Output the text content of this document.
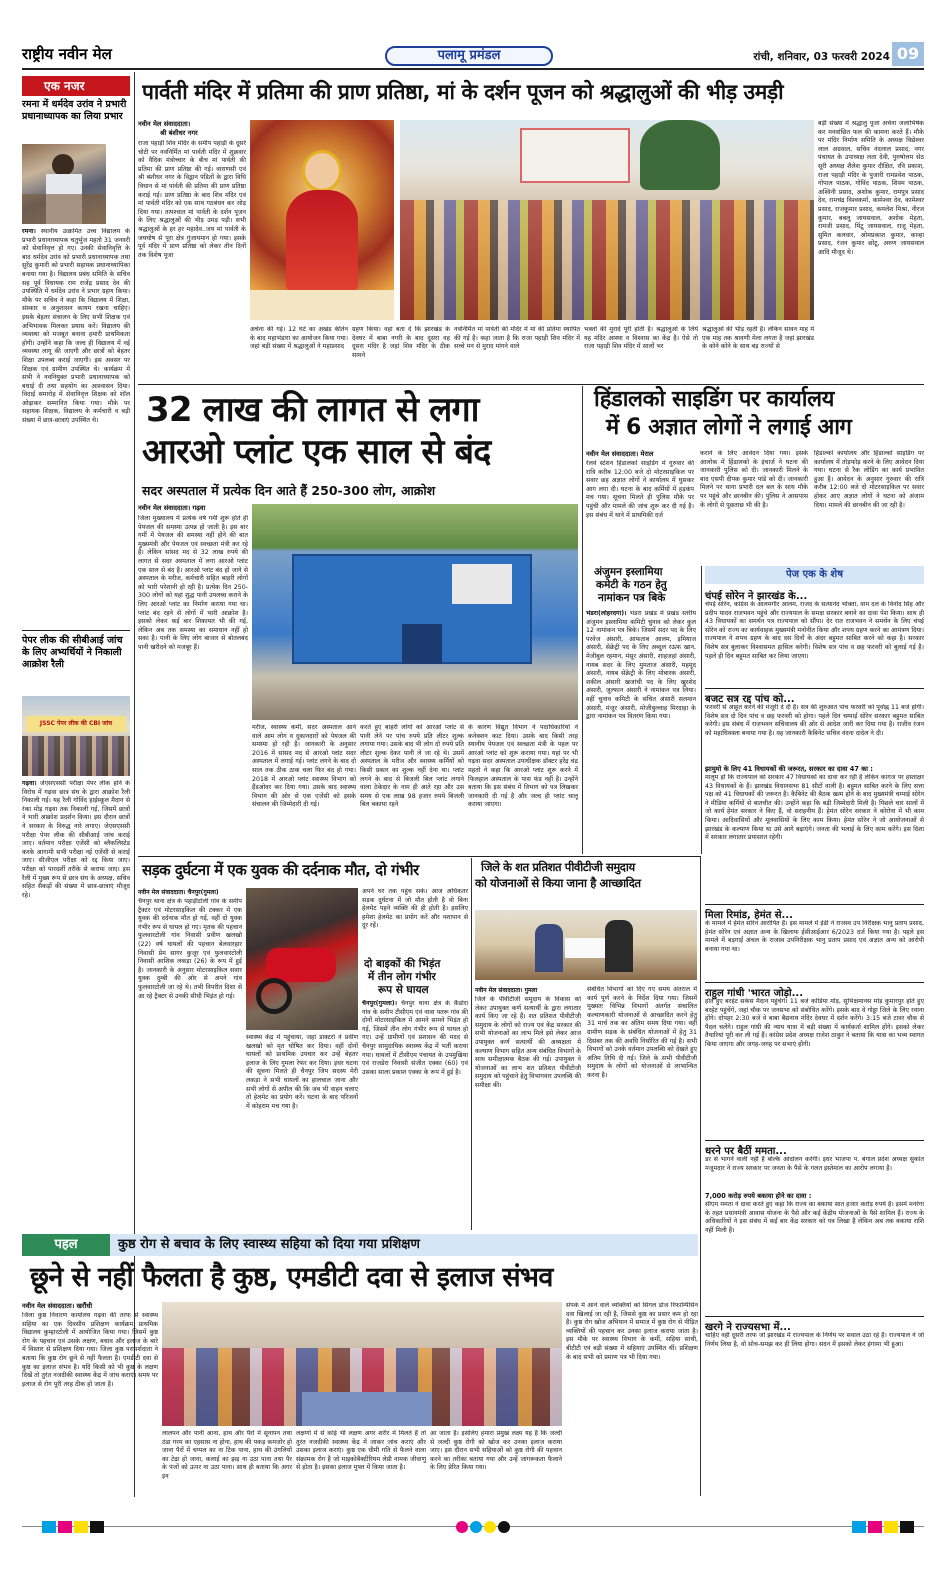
राष्ट्रीय नवीन मेल	पलामू प्रमंडल	रांची, शनिवार, 03 फरवरी 2024 09
एक नजर
रमना में धर्मदेव उरांव ने प्रभारी प्रधानाध्यापक का लिया प्रभार
रमना। स्थानीय उत्क्रमित उच्च विद्यालय के प्रभारी प्रधानाध्यापक चतुर्भुज महतो 31 जनवरी को सेवानिवृत्त हो गए। उनकी सेवानिवृत्ति के बाद धर्मदेव उरांव को प्रभारी प्रधानाध्यापक तथा सुरेंद्र कुमारी को प्रभारी सहायक प्रधानाध्यापिका बनाया गया है। विद्यालय प्रबंध समिति के सचिव सह पूर्व विधायक राम राजेंद्र प्रसाद देव की उपस्थिति में धर्मदेव उरांव ने प्रभार ग्रहण किया। मौके पर सचिव ने कहा कि विद्यालय में शिक्षा, संस्कार व अनुशासन कायम रखना चाहिए। इसके बेहतर संचालन के लिए सभी शिक्षक एवं अभिभावक मिलकर प्रयास करें। विद्यालय की व्यवस्था को मजबूत बनाना हमारी प्राथमिकता होगी। उन्होंने कहा कि जल्द ही विद्यालय में नई व्यवस्था लागू की जाएगी और छात्रों को बेहतर शिक्षा उपलब्ध कराई जाएगी। इस अवसर पर शिक्षक एवं ग्रामीण उपस्थित थे। कार्यक्रम में सभी ने नवनियुक्त प्रभारी प्रधानाध्यापक को बधाई दी तथा सहयोग का आश्वासन दिया। विदाई समारोह में सेवानिवृत्त शिक्षक को शॉल ओढ़ाकर सम्मानित किया गया। मौके पर सहायक शिक्षक, विद्यालय के कर्मचारी व बड़ी संख्या में छात्र-छात्राएं उपस्थित थे।
पेपर लीक की सीबीआई जांच के लिए अभ्यर्थियों ने निकाली आक्रोश रैली
JSSC पेपर लीक की CBI जांच
गढ़वा। जेएसएससी परीक्षा पेपर लीक होने के विरोध में गढ़वा छात्र संघ के द्वारा आक्रोश रैली निकाली गई। यह रैली गोविंद हाईस्कूल मैदान से रंका मोड़ गढ़वा तक निकाली गई, जिसमें छात्रों ने भारी आक्रोश प्रदर्शन किया। इस दौरान छात्रों ने सरकार के विरुद्ध नारे लगाए। जेएसएससी परीक्षा पेपर लीक की सीबीआई जांच कराई जाए। वर्तमान परीक्षा एजेंसी को ब्लैकलिस्टेड करके आगामी सभी परीक्षा नई एजेंसी से कराई जाए। सीजीएल परीक्षा को रद्द किया जाए। परीक्षा को पारदर्शी तरीके से कराया जाए। इस रैली में मुख्य रूप से छात्र संघ के अध्यक्ष, सचिव सहित सैकड़ों की संख्या में छात्र-छात्राएं मौजूद रहे।
पार्वती मंदिर में प्रतिमा की प्राण प्रतिष्ठा, मां के दर्शन पूजन को श्रद्धालुओं की भीड़ उमड़ी
नवीन मेल संवाददाता।
श्री बंशीधर नगर
राजा पहाड़ी शिव मंदिर के समीप पहाड़ी के दूसरे चोटी पर नवनिर्मित मां पार्वती मंदिर में शुक्रवार को वैदिक मंत्रोच्चार के बीच मां पार्वती की प्रतिमा की प्राण प्रतिष्ठा की गई। वाराणसी एवं श्री बंशीधर नगर के विद्वान पंडितों के द्वारा विधि विधान से मां पार्वती की प्रतिमा की प्राण प्रतिष्ठा कराई गई। प्राण प्रतिष्ठा के बाद शिव मंदिर एवं मां पार्वती मंदिर को एक साथ गठबंधन कर जोड़ दिया गया। तत्पश्चात मां पार्वती के दर्शन पूजन के लिए श्रद्धालुओं की भीड़ उमड़ पड़ी। सभी श्रद्धालुओं के हर हर महादेव..जय मां पार्वती के जयघोष से पूरा क्षेत्र गुंजायमान हो गया। इसके पूर्व मंदिर में प्राण प्रतिष्ठा को लेकर तीन दिनों तक विशेष पूजा
बड़ी संख्या में श्रद्धालु पूजा अर्चना जलाभिषेक कर मनवांछित फल की कामना करते हैं। मौके पर मंदिर निर्माण समिति के अध्यक्ष विद्येश्वर लाल अग्रवाल, सचिव नंदलाल प्रसाद, नगर पंचायत के उपाध्यक्ष लता देवी, पुरुषोत्तम सेठ सूरी अध्यक्ष शैलेश कुमार दीक्षित, रवि प्रकाश, राजा पहाड़ी मंदिर के पुजारी रामप्रवेश पाठक, गोपाल पाठक, गोविंद पाठक, शिवम पाठक, अश्विनी प्रसाद, अशोक कुमार, रामपुत्र प्रसाद देव, रामचंद्र विश्वकर्मा, कामेश्वर देव, कामेश्वर प्रसाद, राजकुमार प्रसाद, कमलेश मिश्रा, नीरज कुमार, बबलू जायसवाल, अशोक मेहता, रामजी प्रसाद, मिंटू जायसवाल, राजू मेहता, सुमित कलवार, ओमप्रकाश कुमार, कान्हा प्रसाद, रंजन कुमार छोटू, अरुण जायसवाल आदि मौजूद थे।
अर्चना की गई। 12 घंटे का अखंड कीर्तन के बाद महाभंडारा का आयोजन किया गया। जहां बड़ी संख्या में श्रद्धालुओं ने महाप्रसाद
ग्रहण किया। वहां बता दें कि झारखंड के देवघर में बाबा नगरी के बाद दूसरा वह दूसरा मंदिर है जहां शिव मंदिर के ठीक सामने
नवनिर्मित मां पार्वती की मंदिर में मां की प्रतिमा स्थापित की गई है। कहा जाता है कि राजा पहाड़ी शिव मंदिर में सच्चे मन से मुराद मांगने वाले
भक्तों की मुरादें पूरी होती है। श्रद्धालुओं के लिये यह मंदिर आस्था व विश्वास का केंद्र है। ऐसे तो राजा पहाड़ी शिव मंदिर में सालों भर
श्रद्धालुओं की भीड़ रहती है। लेकिन सावन माह में एक माह तक श्रावणी मेला लगता है जहां झारखंड के कोने कोने के साथ बड़ राज्यों से
32 लाख की लागत से लगा
आरओ प्लांट एक साल से बंद
सदर अस्पताल में प्रत्येक दिन आते हैं 250-300 लोग, आक्रोश
नवीन मेल संवाददाता। गढ़वा
जिला मुख्यालय में प्रत्येक वर्ष गर्मी शुरू होते ही पेयजल की समस्या उत्पन्न हो जाती है। इस बार गर्मी में पेयजल की समस्या नहीं होने की बात मुख्यमंत्री और पेयजल एवं स्वच्छता मंत्री कर रहे हैं। लेकिन सांसद मद से 32 लाख रुपये की लागत से सदर अस्पताल में लगा आरओ प्लांट एक साल से बंद है। आरओ प्लांट बंद हो जाने से अस्पताल के मरीज, कर्मचारी सहित बाहरी लोगों को भारी परेशानी हो रही है। प्रत्येक दिन 250-300 लोगों को यहां शुद्ध पानी उपलब्ध कराने के लिए आरओ प्लांट का निर्माण कराया गया था। प्लांट बंद रहने से लोगों में भारी आक्रोश है। इसको लेकर कई बार शिकायत भी की गई, लेकिन अब तक समस्या का समाधान नहीं हो सका है। पानी के लिए लोग बाजार से बोतलबंद पानी खरीदने को मजबूर हैं।
मरीज, स्वास्थ्य कर्मी, सदर अस्पताल आने वाले आम लोग व दुकानदारों को पेयजल की समस्या हो रही है। जानकारी के अनुसार 2016 में सांसद मद से आरओ प्लांट सदर अस्पताल में लगाई गई। प्लांट लगने के बाद दो साल तक ठीक ठाक चला फिर बंद हो गया। 2018 में आरओ प्लांट स्वास्थ्य विभाग को हैंडओवर कर दिया गया। उसके बाद स्वास्थ्य विभाग की ओर से एक एजेंसी को इसके संचालन की जिम्मेदारी दी गई।
करते हुए बाहरी लोगों को आरओ प्लांट से पानी लेने पर पांच रुपये प्रति लीटर शुल्क लगाया गया। उसके बाद भी लोग दो रुपये प्रति लीटर शुल्क देकर पानी ले जा रहे थे। उसमें अस्पताल के मरीज और स्वास्थ्य कर्मियों को किसी प्रकार का शुल्क नहीं देना था। प्लांट लगने के बाद से बिजली बिल प्लांट लगाने वाला ठेकेदार के नाम ही आते रहा और उस समय से एक लाख 98 हजार रुपये बिजली बिल बकाया रहने
के कारण विद्युत विभाग ने पदाधिकारियों ने कनेक्शन काट दिया। उसके बाद किसी तरह स्थानीय पेयजल एवं स्वच्छता मंत्री के पहल पर आरओ प्लांट को शुरू कराया गया। यहां पर भी गढ़वा सदर अस्पताल उपाधीक्षक डॉक्टर हरेंद्र चंद्र महतो ने कहा कि आरओ प्लांट शुरू करने में फिलहाल अस्पताल के पास फंड नहीं है। उन्होंने बताया कि इस संबंध में विभाग को पत्र लिखकर जानकारी दी गई है और जल्द ही प्लांट चालू कराया जाएगा।
हिंडालको साइडिंग पर कार्यालय
में 6 अज्ञात लोगों ने लगाई आग
नवीन मेल संवाददाता। मेराल
रेलवे स्टेशन हिंडालको साइडिंग में गुरुवार की रात्रि करीब 12:00 बजे दो मोटरसाइकिल पर सवार छह अज्ञात लोगों ने कार्यालय में घुसकर आग लगा दी। घटना के बाद कर्मियों में हड़कंप मच गया। सूचना मिलते ही पुलिस मौके पर पहुंची और मामले की जांच शुरू कर दी गई है। इस संबंध में थाने में प्राथमिकी दर्ज
कराने के लिए आवेदन दिया गया। इसके आलोक में हिंडालको के इंचार्ज ने घटना की जानकारी पुलिस को दी। जानकारी मिलने के बाद एसपी दीपक कुमार पांडे को दी। जानकारी मिलने पर थाना प्रभारी दल बल के साथ मौके पर पहुंचे और छानबीन की। पुलिस ने आसपास के लोगों से पूछताछ भी की है।
हिंडाल्को कार्यालय और हिंडाल्को साइडिंग पर कार्यालय में तोड़फोड़ करने के लिए आवेदन दिया गया। घटना से रैक लोडिंग का कार्य प्रभावित हुआ है। आवेदन के अनुसार गुरुवार की रात्रि करीब 12:00 बजे दो मोटरसाइकिल पर सवार होकर आए अज्ञात लोगों ने घटना को अंजाम दिया। मामले की छानबीन की जा रही है।
अंजुमन इस्लामिया
कमेटी के गठन हेतु
नामांकन पत्र बिके
भंडरा(लोहरदगा)। भंडरा प्रखंड में प्रखंड स्तरीय अंजुमन इस्लामिया कमिटी चुनाव को लेकर कुल 12 नामांकन पत्र बिके। जिसमें सदर पद के लिए परवेज अंसारी, आफताब आलम, इमियाज अंसारी, सेक्रेट्री पद के लिए अब्दुल रऊफ खान, मेजीबुल रहमान, मंसूर अंसारी, शाहजहां अंसारी, नायब सदर के लिए मुमताज अंसारी, महमूद अंसारी, नायब सेक्रेट्री के लिए मोबारक अंसारी, शकील अंसारी खजांची पद के लिए खुरशेद अंसारी, जुल्फान अंसारी ने नामांकन पत्र लिया। वहीं चुनाव कमिटी के संचित अंसारी सलमान अंसारी, मंजूर अंसारी, मोजीबुल्लाह मिरदाहा के द्वारा नामांकन पत्र वितरण किया गया।
पेज एक के शेष
चंपई सोरेन ने झारखंड के...
चंपई सोरेन, कांग्रेस के आलमगीर आलम, राजद के सत्यानंद भोक्ता, वाम दल के विनोद सिंह और प्रदीप यादव राजभवन पहुंचे और राज्यपाल के समक्ष सरकार बनाने का दावा पेश किया। साथ ही 43 विधायकों का समर्थन पत्र राज्यपाल को सौंपा। देर रात राजभवन ने समर्थन के लिए चंपई सोरेन को राज्य का कार्यवाहक मुख्यमंत्री मनोनीत किया और शपथ ग्रहण करने का आमंत्रण दिया। राज्यपाल ने शपथ ग्रहण के बाद दस दिनों के अंदर बहुमत साबित करने को कहा है। सरकार विशेष सत्र बुलाकर विश्वासमत हासिल करेगी। विशेष सत्र पांच व छह फरवरी को बुलाई गई है। पहले ही दिन बहुमत साबित कर लिया जाएगा।
बजट सत्र रद्द पांच को...
फरवरी से आहूत करने की मंजूरी दे दी है। सत्र की शुरुआत पांच फरवरी को पूर्वाह्न 11 बजे होगी। विशेष सत्र दो दिन पांच व छह फरवरी को होगा। पहले दिन चम्पाई सोरेन सरकार बहुमत साबित करेगी। इस संबंध में राजभवन सचिवालय की ओर से आदेश जारी कर दिया गया है। राजीव रंजन को महाधिवक्ता बनाया गया है। वह जानकारी कैबिनेट सचिव वंदना दादेल ने दी।
झामुमो के लिए 41 विधायकों की जरूरत, सरकार का दावा 47 का :
मालूम हो कि राज्यपाल को सरकार 47 विधायकों का दावा कर रही है लेकिन कागज पर हस्ताक्षर 43 विधायकों के हैं। झारखंड विधानसभा 81 सीटों वाली है। बहुमत साबित करने के लिए सत्ता पक्ष को 41 विधायकों की जरूरत है। कैबिनेट की बैठक खत्म होने के बाद मुख्यमंत्री चम्पाई सोरेन ने मीडिया कर्मियों से बातचीत की। उन्होंने कहा कि बड़ी जिम्मेदारी मिली है। पिछले चार सालों में जो कार्य हेमंत सरकार ने किए हैं, वो सराहनीय हैं। हेमंत सोरेन सरकार ने कोरोना में भी काम किया। आदिवासियों और मूलवासियों के लिए काम किया। हेमंत सोरेन ने जो आयोजनाओं से झारखंड के कल्याण किया था उसे आगे बढ़ाएंगे। जनता की भलाई के लिए काम करेंगे। इस दिशा में सरकार लगातार प्रयासरत रहेगी।
मिला रिमांड, हेमंत से...
के मामले में हेमंत सोरेन आरोपित हैं। इस मामले में ईडी ने राजस्व उप निरीक्षक भानु प्रताप प्रसाद, हेमंत सोरेन एवं अज्ञात अन्य के खिलाफ ईसीआईआर 6/2023 दर्ज किया गया है। पहले इस मामले में बड़गाईं अंचल के राजस्व उपनिरीक्षक भानु प्रताप प्रसाद एवं अज्ञात अन्य को आरोपी बनाया गया था।
राहुल गांधी 'भारत जोड़ो...
होते हुए बरहेट सर्कस मैदान पहुंचेंगे। 11 बजे कोडिया मोड़, सुभिक्षमानस मोड़ कुमारपुर होते हुए बरहेट पहुंचेंगे, जहां चौक पर जनसभा को संबोधित करेंगे। इसके बाद वे गोड्डा जिले के लिए रवाना होंगे। दोपहर 2:30 बजे वे बाबा बैद्यनाथ मंदिर देवघर में दर्शन करेंगे। 3:15 बजे टावर चौक से पैदल चलेंगे। राहुल गांधी की न्याय यात्रा में बड़ी संख्या में कार्यकर्ता शामिल होंगे। इसको लेकर तैयारियां पूरी कर ली गई हैं। कांग्रेस प्रदेश अध्यक्ष राजेश ठाकुर ने बताया कि यात्रा का भव्य स्वागत किया जाएगा और जगह-जगह पर सभाएं होंगी।
धरने पर बैठीं ममता...
डर से भागने वाली नहीं हैं बल्कि आंदोलन करेंगी। इधर भाजपा प. बंगाल प्रदेश अध्यक्ष सुकांत मजूमदार ने राज्य सरकार पर जनता के पैसे के गलत इस्तेमाल का आरोप लगाया है।
7,000 करोड़ रुपये बकाया होने का दावा :
सीएम ममता ने दावा करते हुए कहा कि राज्य का बकाया सात हजार करोड़ रुपये है। इसमें मनरेगा के तहत प्रधानमंत्री आवास योजना के पैसे और कई केंद्रीय योजनाओं के पैसे शामिल हैं। राज्य के अधिकारियों ने इस संबंध में कई बार केंद्र सरकार को पत्र लिखा है लेकिन अब तक बकाया राशि नहीं मिली है।
खरगे ने राज्यसभा में...
चाहिए वहीं दूसरी तरफ जो झारखंड में राज्यपाल के निर्णय पर सवाल उठा रहे हैं। राज्यपाल ने जो निर्णय लिया है, वो सोच-समझ कर ही लिया होगा। सदन में इसको लेकर हंगामा भी हुआ।
सड़क दुर्घटना में एक युवक की दर्दनाक मौत, दो गंभीर
नवीन मेल संवाददाता। चैनपुर(गुमला)
चैनपुर थाना क्षेत्र के पहाड़ीटोली गांव के समीप ट्रैक्टर एवं मोटरसाइकिल की टक्कर में एक युवक की दर्दनाक मौत हो गई, वहीं दो युवक गंभीर रूप से घायल हो गए। मृतक की पहचान फुलवारटोली गांव निवासी प्रवीण खलखो (22) वर्ष घायलों की पहचान बेलवारहार निवासी प्रेम सागर कुजूर एवं फुलवारटोली निवासी आशिक लकड़ा (26) के रूप में हुई है। जानकारी के अनुसार मोटरसाइकिल सवार युवक दुम्बी की ओर से अपने गांव फुलवारटोली जा रहे थे। तभी विपरीत दिशा से आ रहे ट्रैक्टर से उनकी सीधी भिड़ंत हो गई।
स्वास्थ्य केंद्र में पहुंचाया, जहां डाक्टरों ने प्रवीण खलखो को मृत घोषित कर दिया। वहीं दोनों घायलों को प्राथमिक उपचार कर उन्हें बेहतर इलाज के लिए गुमला रेफर कर दिया। इधर घटना की सूचना मिलते ही चैनपुर जिप सदस्य मेरी लकड़ा ने सभी घायलों का हालचाल जाना और सभी लोगों से अपील की कि जब भी वाहन चलाए तो हेलमेट का प्रयोग करें। घटना के बाद परिजनों में कोहराम मच गया है।
अपने घर तक पहुंच सके। आज अधिकतर सड़क दुर्घटना में जो मौत होती है वो बिना हेलमेट पहने व्यक्ति की ही होती है। इसलिए हमेशा हेलमेट का प्रयोग करें और नशापान से दूर रहें।
दो बाइकों की भिड़ंत
में तीन लोग गंभीर
रूप से घायल
चैनपुर(गुमला)। चैनपुर थाना क्षेत्र के कैंडोरा गांव के समीप टीसीएम एवं नावा पतरू गांव की दोनों मोटरसाइकिल में आमने सामने भिड़ंत हो गई, जिसमें तीन लोग गंभीर रूप से घायल हो गए। उन्हें ग्रामीणों एवं प्रशासन की मदद से चैनपुर सामुदायिक स्वास्थ्य केंद्र में भर्ती कराया गया। घायलों में टीसीएम पंचायत के उपमुखिया एवं राजडेरा निवासी संजीत एक्का (60) एवं उसका साला प्रकाश एक्का के रूप में हुई है।
जिले के शत प्रतिशत पीवीटीजी समुदाय
को योजनाओं से किया जाना है आच्छादित
नवीन मेल संवाददाता। गुमला
जिले के पीवीटीजी समुदाय के विकास को लेकर उपायुक्त कर्ण सत्यार्थी के द्वारा लगातार कार्य किए जा रहे हैं। शत प्रतिशत पीवीटीजी समुदाय के लोगों को राज्य एवं केंद्र सरकार की सभी योजनाओं का लाभ मिले इसे लेकर आज उपायुक्त कर्ण सत्यार्थी की अध्यक्षता में कल्याण विभाग सहित अन्य संबंधित विभागों के साथ समीक्षात्मक बैठक की गई। उपायुक्त ने योजनाओं का लाभ शत प्रतिशत पीवीटीजी समुदाय को पहुंचाने हेतु विभागवार उपलब्धि की समीक्षा की।
संबंधित विभागों को दिए गए समय अंतराल में कार्य पूर्ण करने के निर्देश दिया गया। जिसमें मुख्यतः विभिन्न विभागों अंतर्गत संचालित कल्याणकारी योजनाओं से आच्छादित करने हेतु 31 मार्च तक का अंतिम समय दिया गया। वहीं ग्रामीण सड़क के संबंधित योजनाओं में हेतु 31 दिसंबर तक की अवधि निर्धारित की गई है। सभी विभागों को उनके वर्तमान उपलब्धि को देखते हुए अंतिम तिथि दी गई। जिले के सभी पीवीटीजी समुदाय के लोगों को योजनाओं से लाभान्वित करना है।
पहल	कुष्ठ रोग से बचाव के लिए स्वास्थ्य सहिया को दिया गया प्रशिक्षण
छूने से नहीं फैलता है कुष्ठ, एमडीटी दवा से इलाज संभव
नवीन मेल संवाददाता। खरौंधी
जिला कुष्ठ निवारण कार्यालय गढ़वा की तरफ से स्वास्थ्य सहिया का एक दिवसीय प्रशिक्षण कार्यक्रम प्राथमिक विद्यालय कुम्हारटोली में आयोजित किया गया। जिसमें कुष्ठ रोग के पहचान एवं उसके लक्षण, बचाव और इलाज के बारे में विस्तार से प्रशिक्षण दिया गया। जिला कुष्ठ परामर्शदाता ने बताया कि कुष्ठ रोग छूने से नहीं फैलता है। एमडीटी दवा से कुष्ठ का इलाज संभव है। यदि किसी को भी कुष्ठ के लक्षण दिखें तो तुरंत नजदीकी स्वास्थ्य केंद्र में जांच कराएं। समय पर इलाज से रोग पूरी तरह ठीक हो जाता है।
लालपन और पानी आना, हाथ और पैरों में सूनापन तथा ठंडा गरम का एहसास ना होना, हाथ की पकड़ कमजोर हो जाना पैरों में चप्पल का ना टिक पाना, हाथ की उंगलियों का टेढ़ा हो जाना, कलाई का झड़ ना उठा पाना तथा पैर के पंजों को ऊपर ना उठा पाना। साथ ही बताया कि अगर इन
लक्षणों में से कोई भी लक्षण अगर शरीर में मिलते हैं तो तुरंत नजदीकी स्वास्थ्य केंद्र में जाकर जांच कराएं और उसका इलाज कराएं। कुष्ठ एक धीमी गति से फैलने वाला संक्रामक रोग है जो माइकोबैक्टीरियम लेप्री नामक जीवाणु से होता है। इसका इलाज मुफ्त में किया जाता है।
आ जाता है। इसलिए हमारा प्रमुख लक्ष्य यह है कि जल्दी से जल्दी कुष्ठ रोगी को खोज कर उनका इलाज कराया जाए। इस दौरान सभी सहियाओं को कुष्ठ रोगी की पहचान करने का तरीका बताया गया और उन्हें जागरूकता फैलाने के लिए प्रेरित किया गया।
संपर्क में आने वाले व्यक्तियों को सिंगल डोज रिफाम्पिसिन दवा खिलाई जा रही है, जिससे कुष्ठ का प्रसार कम हो रहा है। कुष्ठ रोग खोज अभियान में समाज में कुष्ठ रोग से पीड़ित व्यक्तियों की पहचान कर उनका इलाज कराया जाता है। इस मौके पर स्वास्थ्य विभाग के कर्मी, सहिया साथी, बीटीटी एवं बड़ी संख्या में सहियाएं उपस्थित थीं। प्रशिक्षण के बाद सभी को प्रमाण पत्र भी दिया गया।
